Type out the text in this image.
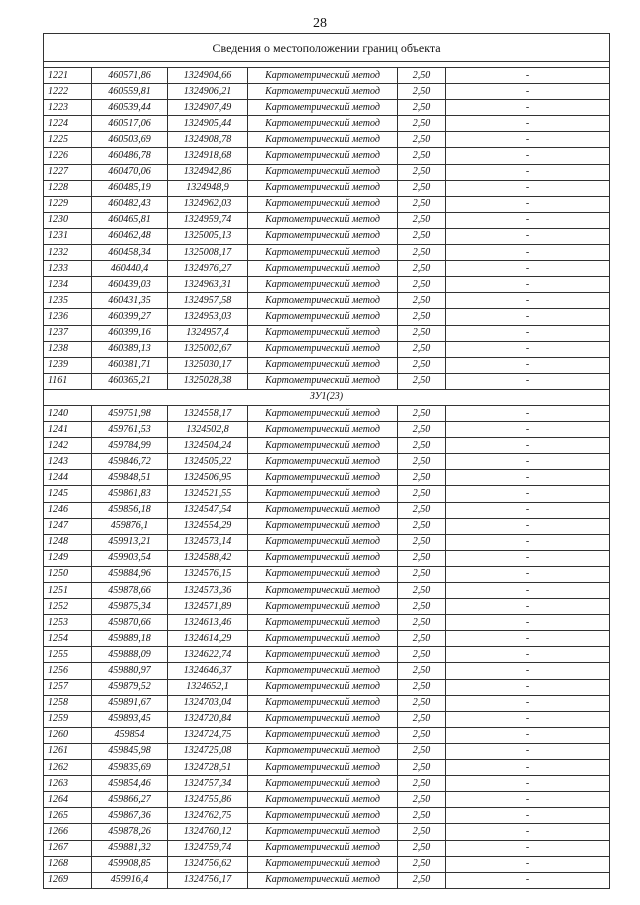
28
Сведения о местоположении границ объекта					

1221	460571,86	1324904,66	Картометрический метод	2,50	-
1222	460559,81	1324906,21	Картометрический метод	2,50	-
1223	460539,44	1324907,49	Картометрический метод	2,50	-
1224	460517,06	1324905,44	Картометрический метод	2,50	-
1225	460503,69	1324908,78	Картометрический метод	2,50	-
1226	460486,78	1324918,68	Картометрический метод	2,50	-
1227	460470,06	1324942,86	Картометрический метод	2,50	-
1228	460485,19	1324948,9	Картометрический метод	2,50	-
1229	460482,43	1324962,03	Картометрический метод	2,50	-
1230	460465,81	1324959,74	Картометрический метод	2,50	-
1231	460462,48	1325005,13	Картометрический метод	2,50	-
1232	460458,34	1325008,17	Картометрический метод	2,50	-
1233	460440,4	1324976,27	Картометрический метод	2,50	-
1234	460439,03	1324963,31	Картометрический метод	2,50	-
1235	460431,35	1324957,58	Картометрический метод	2,50	-
1236	460399,27	1324953,03	Картометрический метод	2,50	-
1237	460399,16	1324957,4	Картометрический метод	2,50	-
1238	460389,13	1325002,67	Картометрический метод	2,50	-
1239	460381,71	1325030,17	Картометрический метод	2,50	-
1161	460365,21	1325028,38	Картометрический метод	2,50	-
ЗУ1(23)					
1240	459751,98	1324558,17	Картометрический метод	2,50	-
1241	459761,53	1324502,8	Картометрический метод	2,50	-
1242	459784,99	1324504,24	Картометрический метод	2,50	-
1243	459846,72	1324505,22	Картометрический метод	2,50	-
1244	459848,51	1324506,95	Картометрический метод	2,50	-
1245	459861,83	1324521,55	Картометрический метод	2,50	-
1246	459856,18	1324547,54	Картометрический метод	2,50	-
1247	459876,1	1324554,29	Картометрический метод	2,50	-
1248	459913,21	1324573,14	Картометрический метод	2,50	-
1249	459903,54	1324588,42	Картометрический метод	2,50	-
1250	459884,96	1324576,15	Картометрический метод	2,50	-
1251	459878,66	1324573,36	Картометрический метод	2,50	-
1252	459875,34	1324571,89	Картометрический метод	2,50	-
1253	459870,66	1324613,46	Картометрический метод	2,50	-
1254	459889,18	1324614,29	Картометрический метод	2,50	-
1255	459888,09	1324622,74	Картометрический метод	2,50	-
1256	459880,97	1324646,37	Картометрический метод	2,50	-
1257	459879,52	1324652,1	Картометрический метод	2,50	-
1258	459891,67	1324703,04	Картометрический метод	2,50	-
1259	459893,45	1324720,84	Картометрический метод	2,50	-
1260	459854	1324724,75	Картометрический метод	2,50	-
1261	459845,98	1324725,08	Картометрический метод	2,50	-
1262	459835,69	1324728,51	Картометрический метод	2,50	-
1263	459854,46	1324757,34	Картометрический метод	2,50	-
1264	459866,27	1324755,86	Картометрический метод	2,50	-
1265	459867,36	1324762,75	Картометрический метод	2,50	-
1266	459878,26	1324760,12	Картометрический метод	2,50	-
1267	459881,32	1324759,74	Картометрический метод	2,50	-
1268	459908,85	1324756,62	Картометрический метод	2,50	-
1269	459916,4	1324756,17	Картометрический метод	2,50	-
